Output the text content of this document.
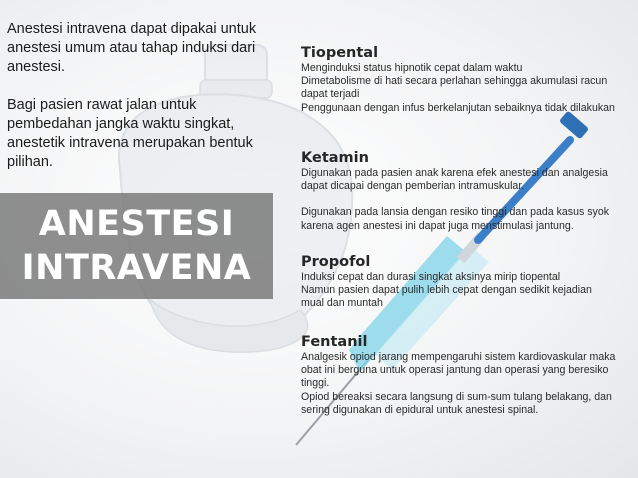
Anestesi intravena dapat dipakai untuk anestesi umum atau tahap induksi dari anestesi.

Bagi pasien rawat jalan untuk pembedahan jangka waktu singkat, anestetik intravena merupakan bentuk pilihan.

ANESTESI
INTRAVENA
Tiopental
Menginduksi status hipnotik cepat dalam waktu
Dimetabolisme di hati secara perlahan sehingga akumulasi racun dapat terjadi
Penggunaan dengan infus berkelanjutan sebaiknya tidak dilakukan
Ketamin
Digunakan pada pasien anak karena efek anestesi dan analgesia dapat dicapai dengan pemberian intramuskular.
Digunakan pada lansia dengan resiko tinggi dan pada kasus syok karena agen anestesi ini dapat juga menstimulasi jantung.
Propofol
Induksi cepat dan durasi singkat aksinya mirip tiopental
Namun pasien dapat pulih lebih cepat dengan sedikit kejadian mual dan muntah
Fentanil
Analgesik opiod jarang mempengaruhi sistem kardiovaskular maka obat ini berguna untuk operasi jantung dan operasi yang beresiko tinggi.
Opiod bereaksi secara langsung di sum-sum tulang belakang, dan sering digunakan di epidural untuk anestesi spinal.
